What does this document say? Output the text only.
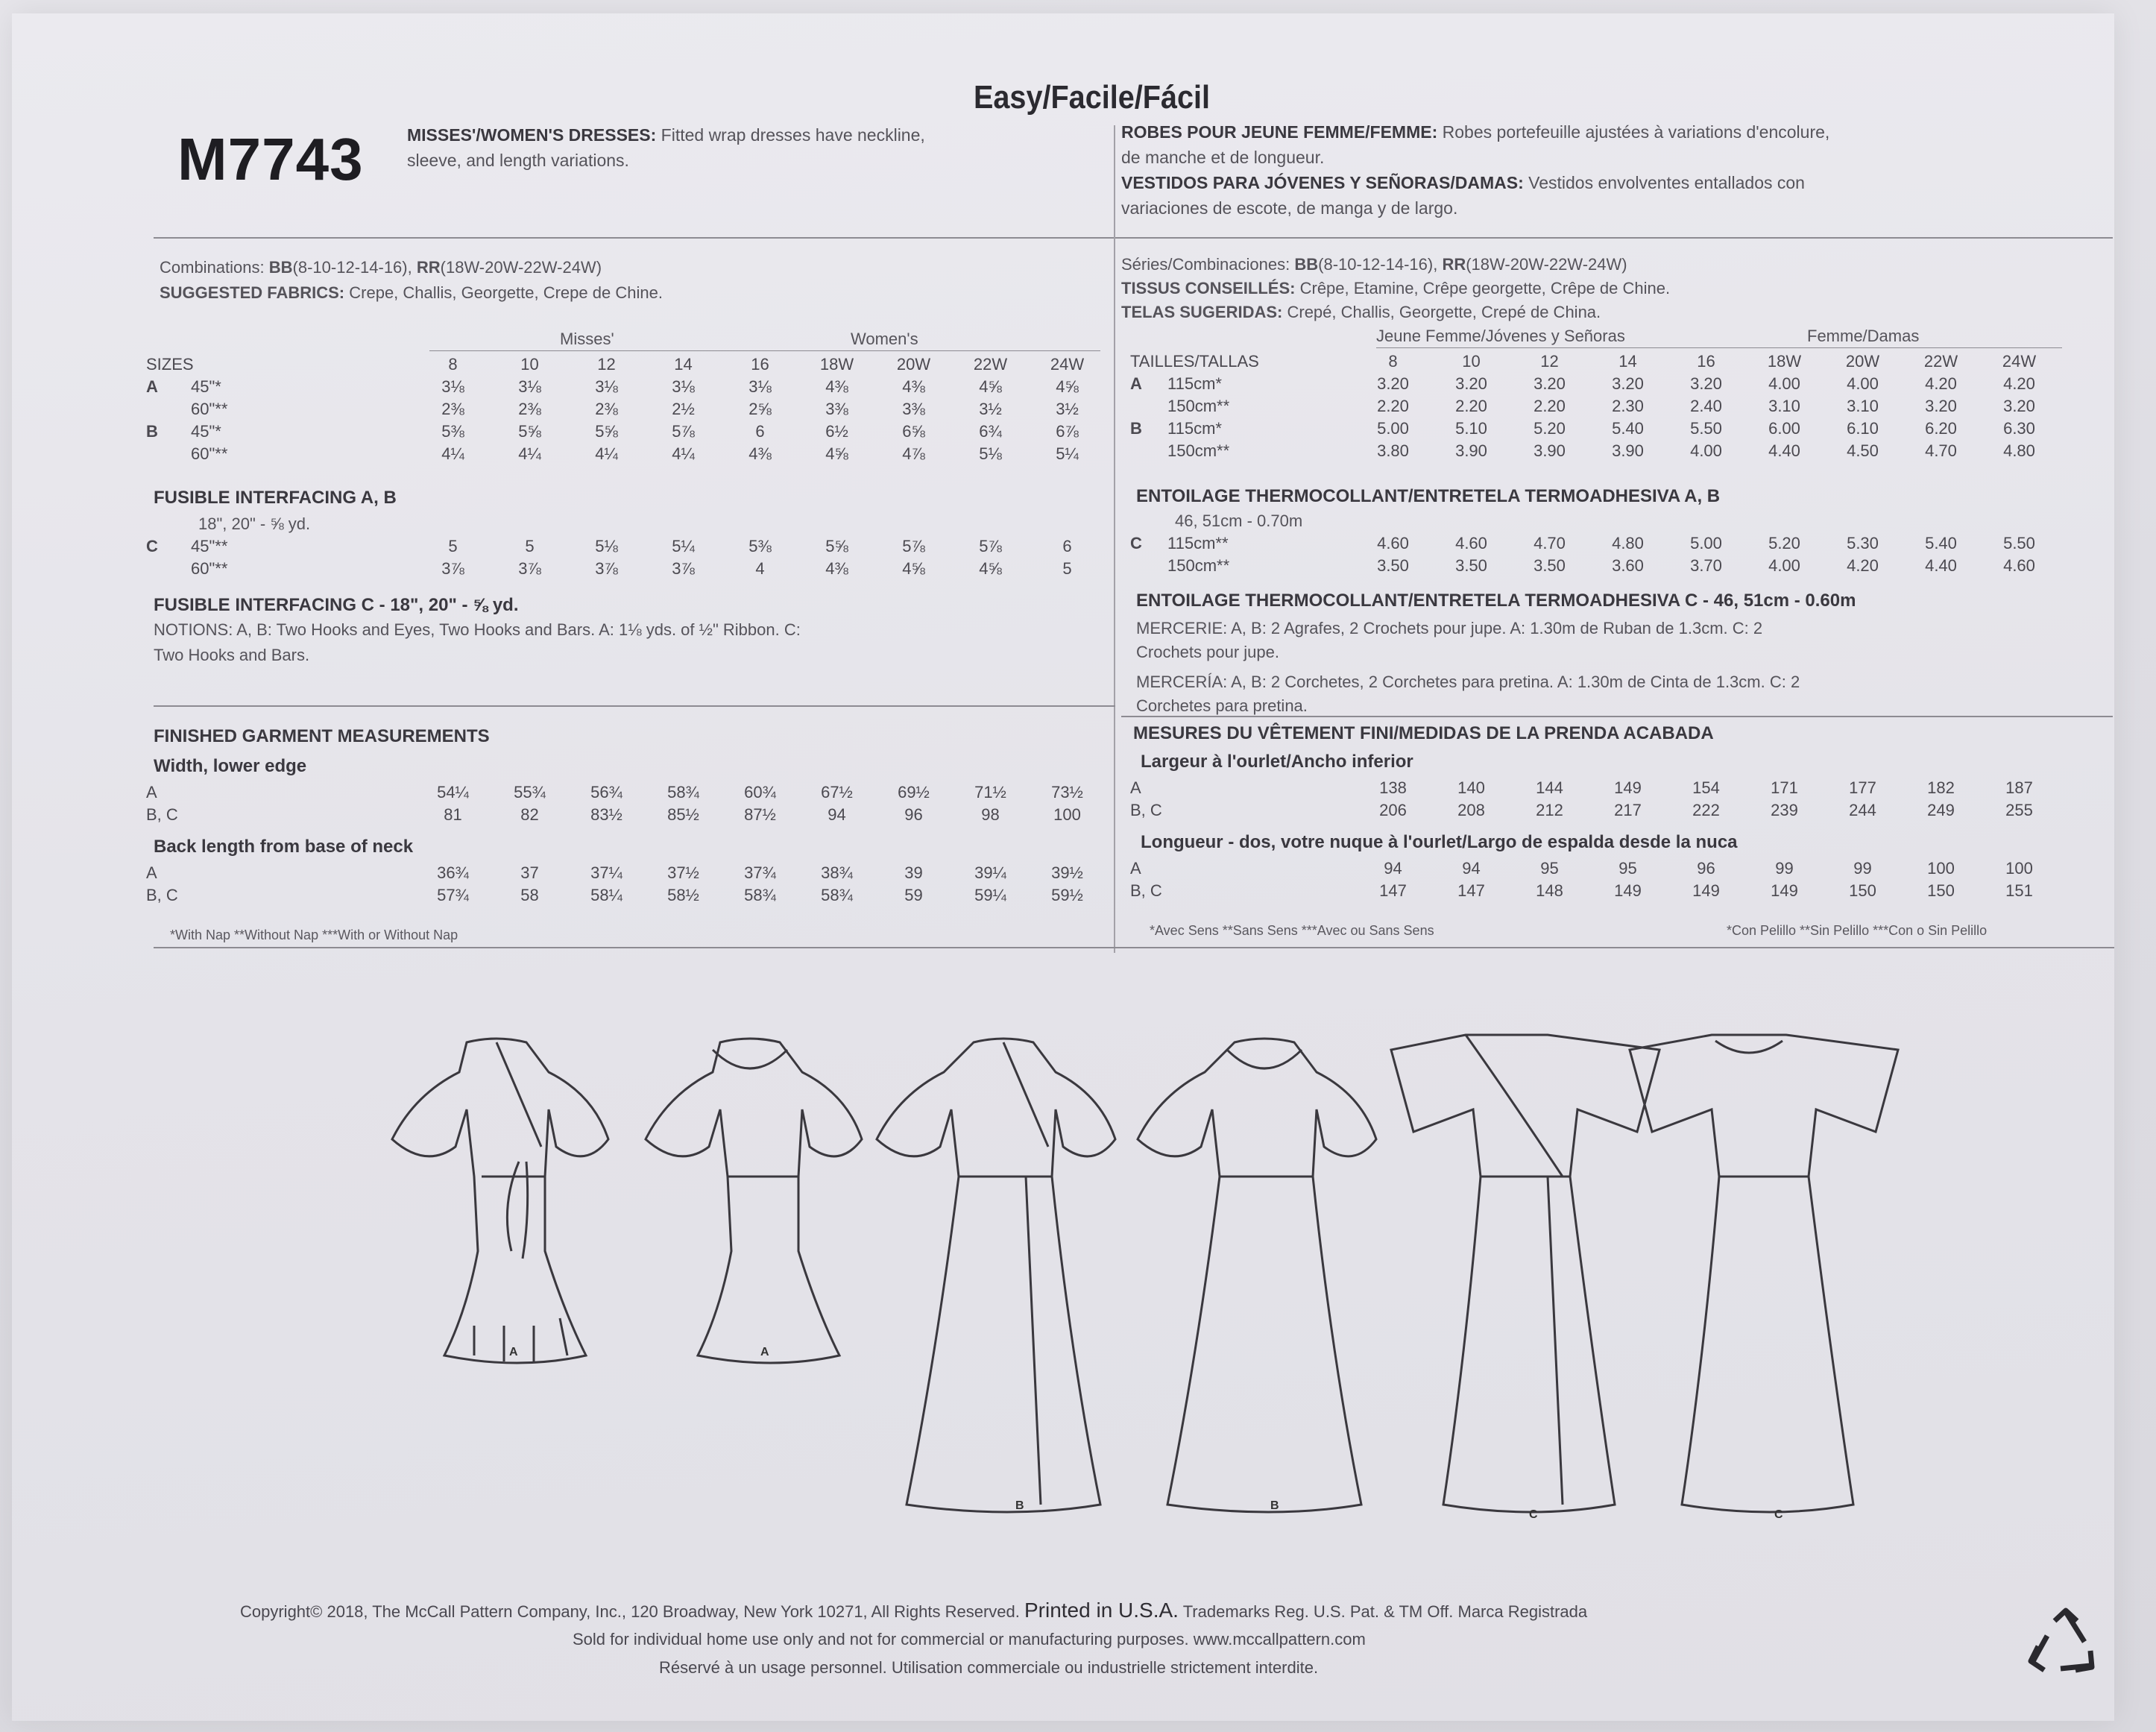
Easy/Facile/Fácil
M7743	MISSES'/WOMEN'S DRESSES: Fitted wrap dresses have neckline,
sleeve, and length variations.
ROBES POUR JEUNE FEMME/FEMME: Robes portefeuille ajustées à variations d'encolure,
de manche et de longueur.
VESTIDOS PARA JÓVENES Y SEÑORAS/DAMAS: Vestidos envolventes entallados con
variaciones de escote, de manga y de largo.
Combinations: BB(8-10-12-14-16), RR(18W-20W-22W-24W)
SUGGESTED FABRICS: Crepe, Challis, Georgette, Crepe de Chine.
Séries/Combinaciones: BB(8-10-12-14-16), RR(18W-20W-22W-24W)
TISSUS CONSEILLÉS: Crêpe, Etamine, Crêpe georgette, Crêpe de Chine.
TELAS SUGERIDAS: Crepé, Challis, Georgette, Crepé de China.
Misses'	Women's	Jeune Femme/Jóvenes y Señoras	Femme/Damas
SIZES		8	10	12	14	16	18W	20W	22W	24W
A	45"*	3⅛	3⅛	3⅛	3⅛	3⅛	4⅜	4⅜	4⅝	4⅝
	60"**	2⅜	2⅜	2⅜	2½	2⅝	3⅜	3⅜	3½	3½
B	45"*	5⅜	5⅝	5⅝	5⅞	6	6½	6⅝	6¾	6⅞
	60"**	4¼	4¼	4¼	4¼	4⅜	4⅝	4⅞	5⅛	5¼
TAILLES/TALLAS		8	10	12	14	16	18W	20W	22W	24W
A	115cm*	3.20	3.20	3.20	3.20	3.20	4.00	4.00	4.20	4.20
	150cm**	2.20	2.20	2.20	2.30	2.40	3.10	3.10	3.20	3.20
B	115cm*	5.00	5.10	5.20	5.40	5.50	6.00	6.10	6.20	6.30
	150cm**	3.80	3.90	3.90	3.90	4.00	4.40	4.50	4.70	4.80
FUSIBLE INTERFACING A, B
18", 20" - ⅝ yd.
C	45"**	5	5	5⅛	5¼	5⅜	5⅝	5⅞	5⅞	6
	60"**	3⅞	3⅞	3⅞	3⅞	4	4⅜	4⅝	4⅝	5
FUSIBLE INTERFACING C - 18", 20" - ⅝ yd.
NOTIONS: A, B: Two Hooks and Eyes, Two Hooks and Bars. A: 1⅛ yds. of ½" Ribbon. C:
Two Hooks and Bars.
ENTOILAGE THERMOCOLLANT/ENTRETELA TERMOADHESIVA A, B
46, 51cm - 0.70m
C	115cm**	4.60	4.60	4.70	4.80	5.00	5.20	5.30	5.40	5.50
	150cm**	3.50	3.50	3.50	3.60	3.70	4.00	4.20	4.40	4.60
ENTOILAGE THERMOCOLLANT/ENTRETELA TERMOADHESIVA C - 46, 51cm - 0.60m
MERCERIE: A, B: 2 Agrafes, 2 Crochets pour jupe. A: 1.30m de Ruban de 1.3cm. C: 2
Crochets pour jupe.
MERCERÍA: A, B: 2 Corchetes, 2 Corchetes para pretina. A: 1.30m de Cinta de 1.3cm. C: 2
Corchetes para pretina.
FINISHED GARMENT MEASUREMENTS
Width, lower edge
A	54¼	55¾	56¾	58¾	60¾	67½	69½	71½	73½
B, C	81	82	83½	85½	87½	94	96	98	100
Back length from base of neck
A	36¾	37	37¼	37½	37¾	38¾	39	39¼	39½
B, C	57¾	58	58¼	58½	58¾	58¾	59	59¼	59½
*With Nap **Without Nap ***With or Without Nap
MESURES DU VÊTEMENT FINI/MEDIDAS DE LA PRENDA ACABADA
Largeur à l'ourlet/Ancho inferior
A	138	140	144	149	154	171	177	182	187
B, C	206	208	212	217	222	239	244	249	255
Longueur - dos, votre nuque à l'ourlet/Largo de espalda desde la nuca
A	94	94	95	95	96	99	99	100	100
B, C	147	147	148	149	149	149	150	150	151
*Avec Sens **Sans Sens ***Avec ou Sans Sens	*Con Pelillo **Sin Pelillo ***Con o Sin Pelillo
A	A
B	B
C	C
Copyright© 2018, The McCall Pattern Company, Inc., 120 Broadway, New York 10271, All Rights Reserved. Printed in U.S.A. Trademarks Reg. U.S. Pat. & TM Off. Marca Registrada
Sold for individual home use only and not for commercial or manufacturing purposes. www.mccallpattern.com
Réservé à un usage personnel. Utilisation commerciale ou industrielle strictement interdite.
